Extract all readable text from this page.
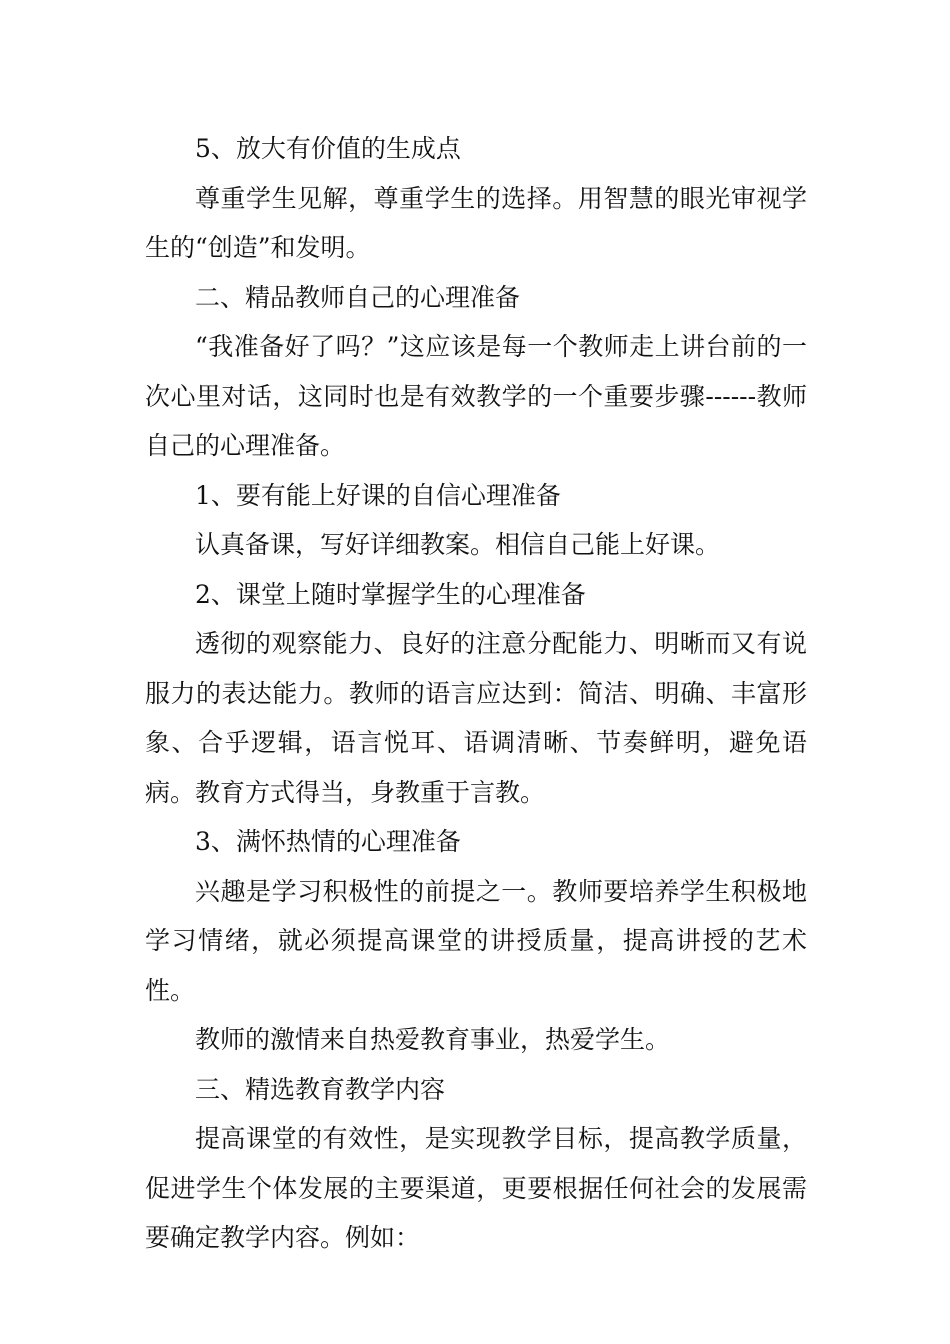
5、放大有价值的生成点

尊重学生见解，尊重学生的选择。用智慧的眼光审视学生的“创造”和发明。

二、精品教师自己的心理准备

“我准备好了吗？”这应该是每一个教师走上讲台前的一次心里对话，这同时也是有效教学的一个重要步骤------教师自己的心理准备。

1、要有能上好课的自信心理准备

认真备课，写好详细教案。相信自己能上好课。

2、课堂上随时掌握学生的心理准备

透彻的观察能力、良好的注意分配能力、明晰而又有说服力的表达能力。教师的语言应达到：简洁、明确、丰富形象、合乎逻辑，语言悦耳、语调清晰、节奏鲜明，避免语病。教育方式得当，身教重于言教。

3、满怀热情的心理准备

兴趣是学习积极性的前提之一。教师要培养学生积极地学习情绪，就必须提高课堂的讲授质量，提高讲授的艺术性。

教师的激情来自热爱教育事业，热爱学生。

三、精选教育教学内容

提高课堂的有效性，是实现教学目标，提高教学质量，促进学生个体发展的主要渠道，更要根据任何社会的发展需要确定教学内容。例如：
